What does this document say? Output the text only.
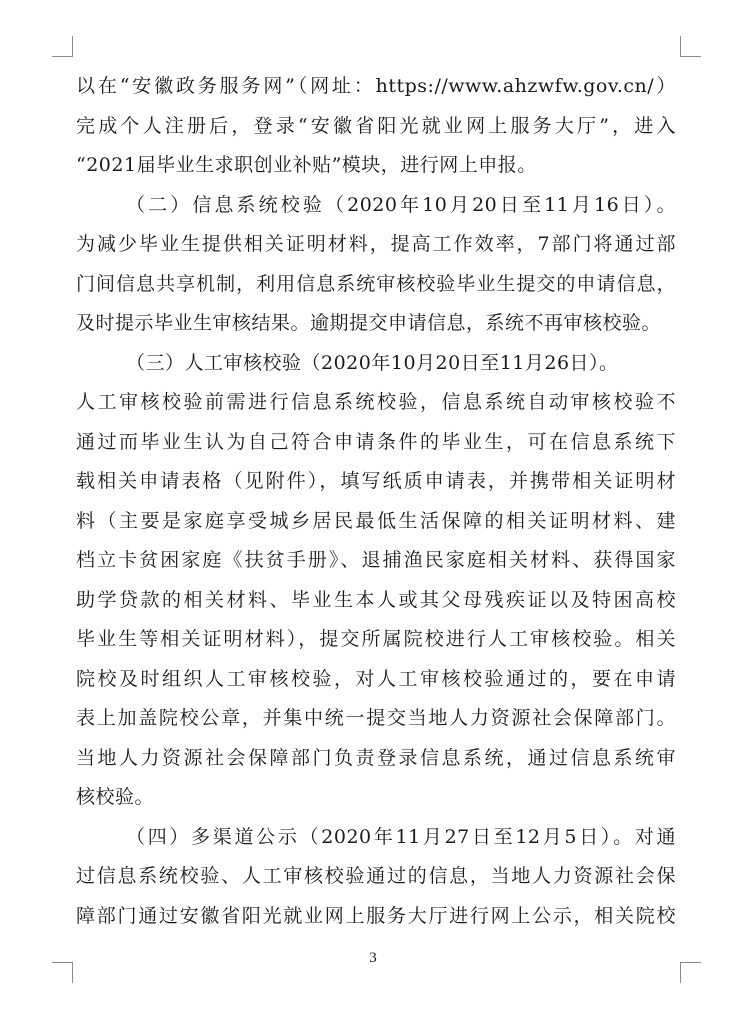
以在“安徽政务服务网”（网址：https://www.ahzwfw.gov.cn/）
完成个人注册后，登录“安徽省阳光就业网上服务大厅”，进入
“2021届毕业生求职创业补贴”模块，进行网上申报。
（二）信息系统校验（2020年10月20日至11月16日）。
为减少毕业生提供相关证明材料，提高工作效率，7部门将通过部
门间信息共享机制，利用信息系统审核校验毕业生提交的申请信息，
及时提示毕业生审核结果。逾期提交申请信息，系统不再审核校验。
（三）人工审核校验（2020年10月20日至11月26日）。
人工审核校验前需进行信息系统校验，信息系统自动审核校验不
通过而毕业生认为自己符合申请条件的毕业生，可在信息系统下
载相关申请表格（见附件），填写纸质申请表，并携带相关证明材
料（主要是家庭享受城乡居民最低生活保障的相关证明材料、建
档立卡贫困家庭《扶贫手册》、退捕渔民家庭相关材料、获得国家
助学贷款的相关材料、毕业生本人或其父母残疾证以及特困高校
毕业生等相关证明材料），提交所属院校进行人工审核校验。相关
院校及时组织人工审核校验，对人工审核校验通过的，要在申请
表上加盖院校公章，并集中统一提交当地人力资源社会保障部门。
当地人力资源社会保障部门负责登录信息系统，通过信息系统审
核校验。
（四）多渠道公示（2020年11月27日至12月5日）。对通
过信息系统校验、人工审核校验通过的信息，当地人力资源社会保
障部门通过安徽省阳光就业网上服务大厅进行网上公示，相关院校
3
